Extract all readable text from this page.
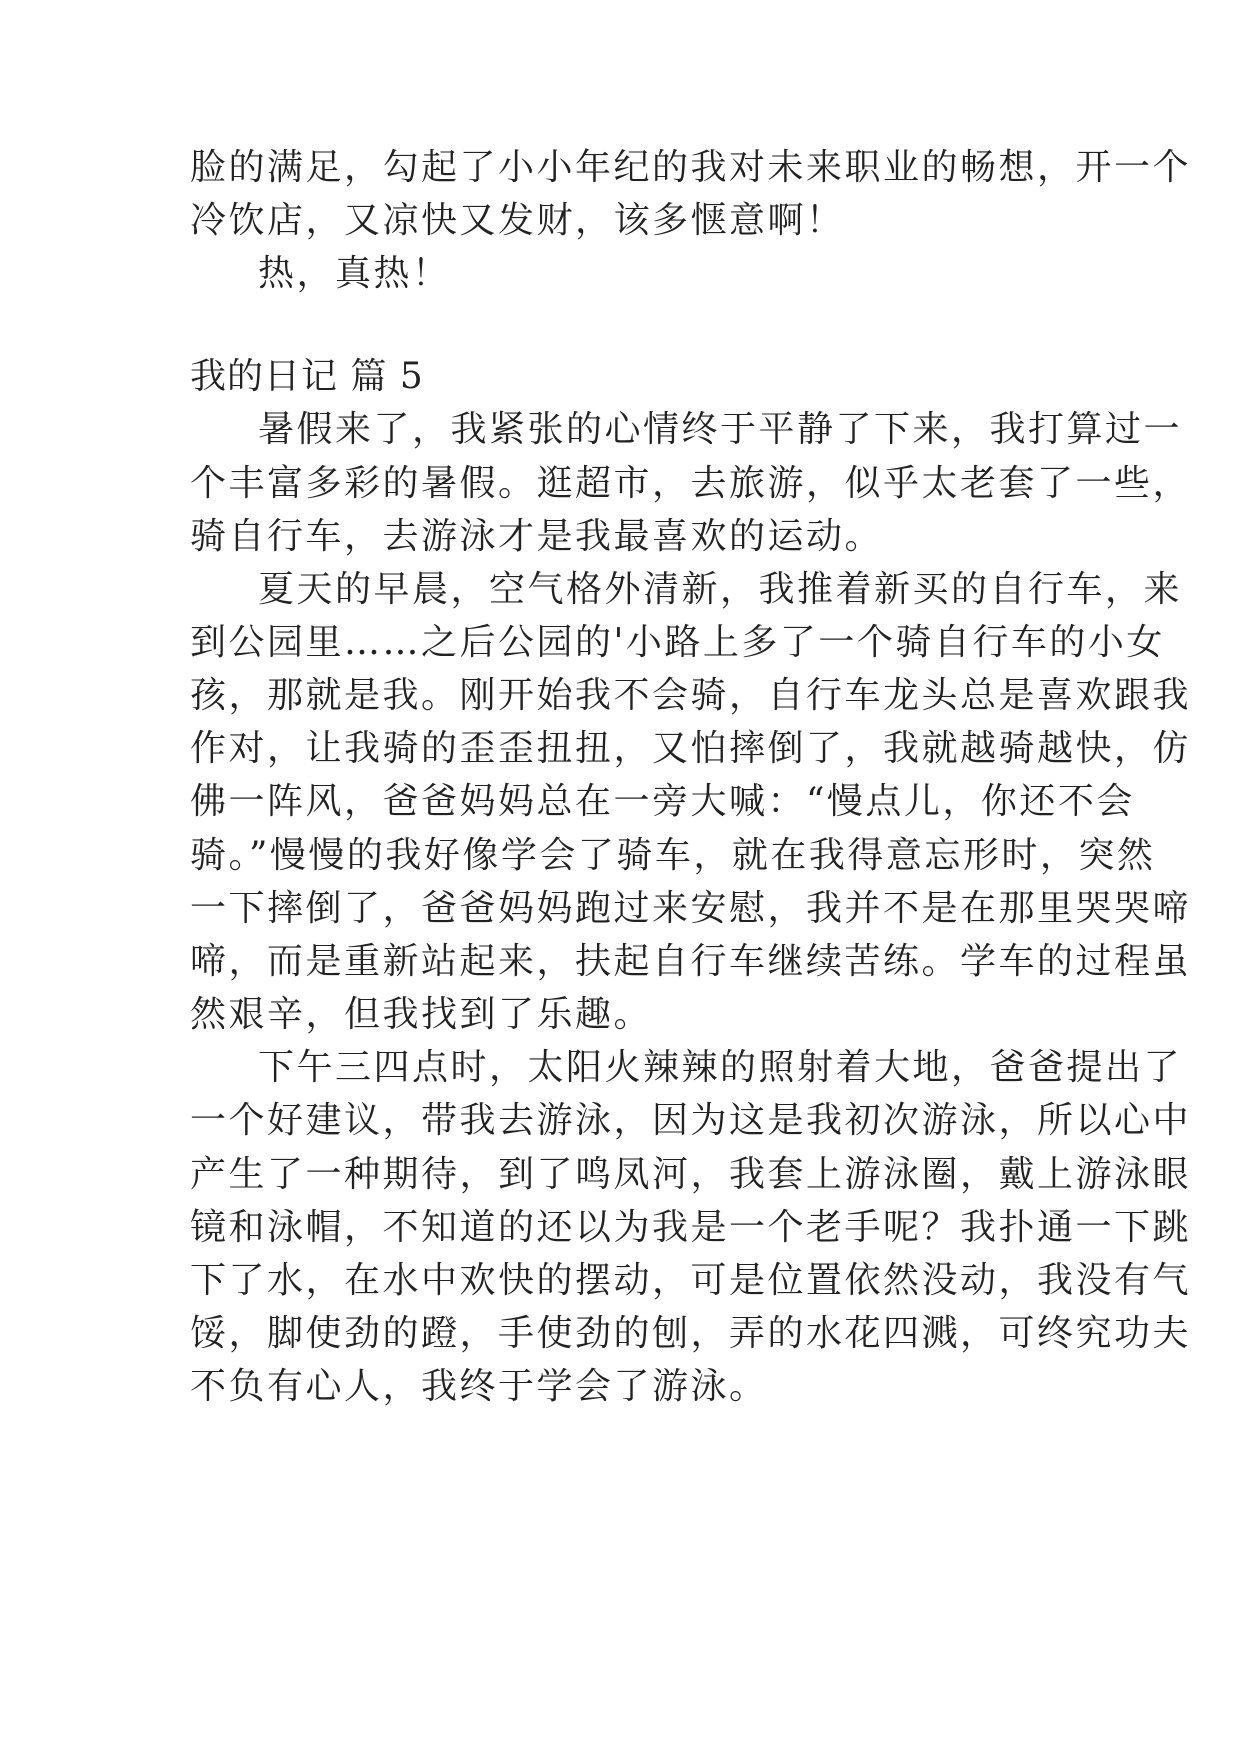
脸的满足，勾起了小小年纪的我对未来职业的畅想，开一个
冷饮店，又凉快又发财，该多惬意啊！
热，真热！
我的日记 篇 5
暑假来了，我紧张的心情终于平静了下来，我打算过一
个丰富多彩的暑假。逛超市，去旅游，似乎太老套了一些，
骑自行车，去游泳才是我最喜欢的运动。
夏天的早晨，空气格外清新，我推着新买的自行车，来
到公园里……之后公园的'小路上多了一个骑自行车的小女
孩，那就是我。刚开始我不会骑，自行车龙头总是喜欢跟我
作对，让我骑的歪歪扭扭，又怕摔倒了，我就越骑越快，仿
佛一阵风，爸爸妈妈总在一旁大喊：“慢点儿，你还不会
骑。”慢慢的我好像学会了骑车，就在我得意忘形时，突然
一下摔倒了，爸爸妈妈跑过来安慰，我并不是在那里哭哭啼
啼，而是重新站起来，扶起自行车继续苦练。学车的过程虽
然艰辛，但我找到了乐趣。
下午三四点时，太阳火辣辣的照射着大地，爸爸提出了
一个好建议，带我去游泳，因为这是我初次游泳，所以心中
产生了一种期待，到了鸣凤河，我套上游泳圈，戴上游泳眼
镜和泳帽，不知道的还以为我是一个老手呢？我扑通一下跳
下了水，在水中欢快的摆动，可是位置依然没动，我没有气
馁，脚使劲的蹬，手使劲的刨，弄的水花四溅，可终究功夫
不负有心人，我终于学会了游泳。
